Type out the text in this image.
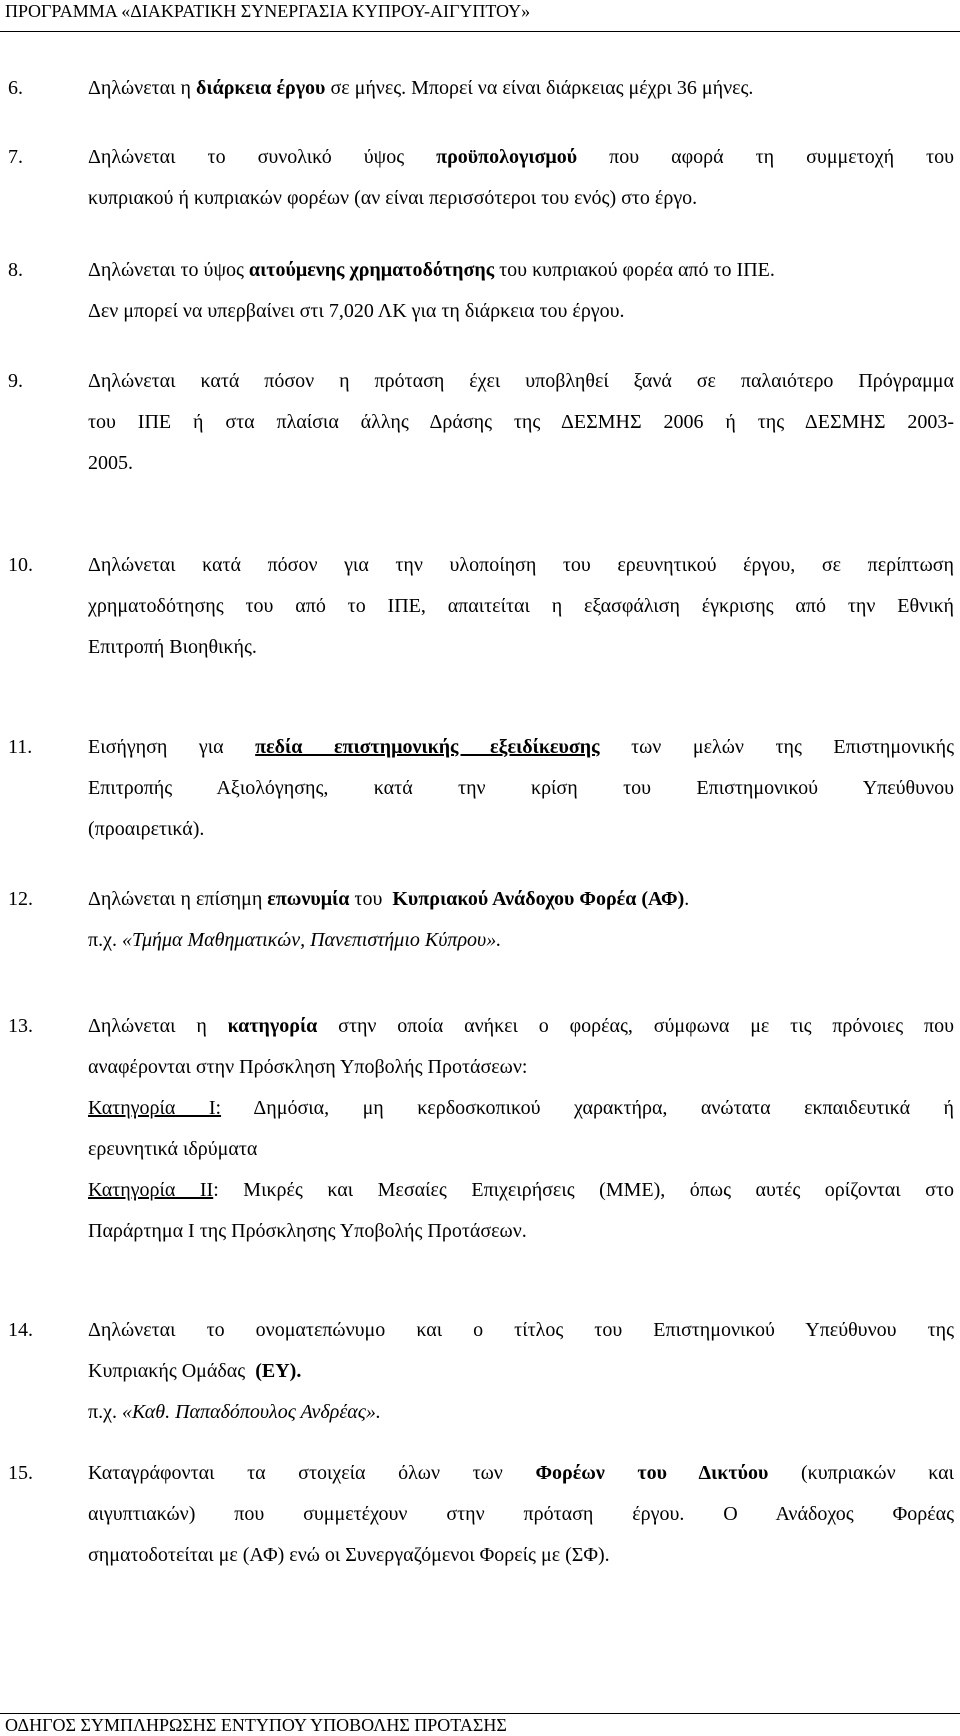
ΠΡΟΓΡΑΜΜΑ «ΔΙΑΚΡΑΤΙΚΗ ΣΥΝΕΡΓΑΣΙΑ ΚΥΠΡΟΥ-ΑΙΓΥΠΤΟΥ»
6.	Δηλώνεται η διάρκεια έργου σε μήνες. Μπορεί να είναι διάρκειας μέχρι 36 μήνες.
7.	Δηλώνεται το συνολικό ύψος προϋπολογισμού που αφορά τη συμμετοχή του
κυπριακού ή κυπριακών φορέων (αν είναι περισσότεροι του ενός) στο έργο.
8.	Δηλώνεται το ύψος αιτούμενης χρηματοδότησης του κυπριακού φορέα από το ΙΠΕ.
Δεν μπορεί να υπερβαίνει στι 7,020 ΛΚ για τη διάρκεια του έργου.
9.	Δηλώνεται κατά πόσον η πρόταση έχει υποβληθεί ξανά σε παλαιότερο Πρόγραμμα
του ΙΠΕ ή στα πλαίσια άλλης Δράσης της ΔΕΣΜΗΣ 2006 ή της ΔΕΣΜΗΣ 2003-
2005.
10.	Δηλώνεται κατά πόσον για την υλοποίηση του ερευνητικού έργου, σε περίπτωση
χρηματοδότησης του από το ΙΠΕ, απαιτείται η εξασφάλιση έγκρισης από την Εθνική
Επιτροπή Βιοηθικής.
11.	Εισήγηση για πεδία επιστημονικής εξειδίκευσης των μελών της Επιστημονικής
Επιτροπής Αξιολόγησης, κατά την κρίση του Επιστημονικού Υπεύθυνου
(προαιρετικά).
12.	Δηλώνεται η επίσημη επωνυμία του  Κυπριακού Ανάδοχου Φορέα (ΑΦ).
π.χ. «Τμήμα Μαθηματικών, Πανεπιστήμιο Κύπρου».
13.	Δηλώνεται η κατηγορία στην οποία ανήκει ο φορέας, σύμφωνα με τις πρόνοιες που
αναφέρονται στην Πρόσκληση Υποβολής Προτάσεων:
Κατηγορία Ι: Δημόσια, μη κερδοσκοπικού χαρακτήρα, ανώτατα εκπαιδευτικά ή
ερευνητικά ιδρύματα
Κατηγορία ΙΙ: Μικρές και Μεσαίες Επιχειρήσεις (ΜΜΕ), όπως αυτές ορίζονται στο
Παράρτημα Ι της Πρόσκλησης Υποβολής Προτάσεων.
14.	Δηλώνεται το ονοματεπώνυμο και ο τίτλος του Επιστημονικού Υπεύθυνου της
Κυπριακής Ομάδας  (ΕΥ).
π.χ. «Καθ. Παπαδόπουλος Ανδρέας».
15.	Καταγράφονται τα στοιχεία όλων των Φορέων του Δικτύου (κυπριακών και
αιγυπτιακών) που συμμετέχουν στην πρόταση έργου. Ο Ανάδοχος Φορέας
σηματοδοτείται με (ΑΦ) ενώ οι Συνεργαζόμενοι Φορείς με (ΣΦ).
ΟΔΗΓΟΣ ΣΥΜΠΛΗΡΩΣΗΣ ΕΝΤΥΠΟΥ ΥΠΟΒΟΛΗΣ ΠΡΟΤΑΣΗΣ
